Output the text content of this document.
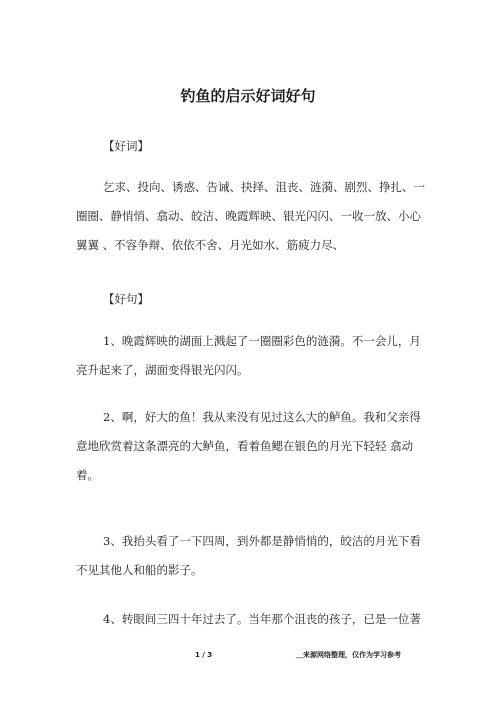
钓鱼的启示好词好句
【好词】
乞求、投向、诱惑、告诫、抉择、沮丧、涟漪、剧烈、挣扎、一
圈圈、静悄悄、翕动、皎洁、晚霞辉映、银光闪闪、一收一放、小心
翼翼 、不容争辩、依依不舍、月光如水、筋疲力尽、
【好句】
1、晚霞辉映的湖面上溅起了一圈圈彩色的涟漪。不一会儿，月
亮升起来了，湖面变得银光闪闪。
2、啊，好大的鱼！我从来没有见过这么大的鲈鱼。我和父亲得
意地欣赏着这条漂亮的大鲈鱼，看着鱼鳃在银色的月光下轻轻 翕动
着。
3、我抬头看了一下四周，到外都是静悄悄的，皎洁的月光下看
不见其他人和船的影子。
4、转眼间三四十年过去了。当年那个沮丧的孩子，已是一位著
1 / 3	＿来源网络整理，仅作为学习参考
